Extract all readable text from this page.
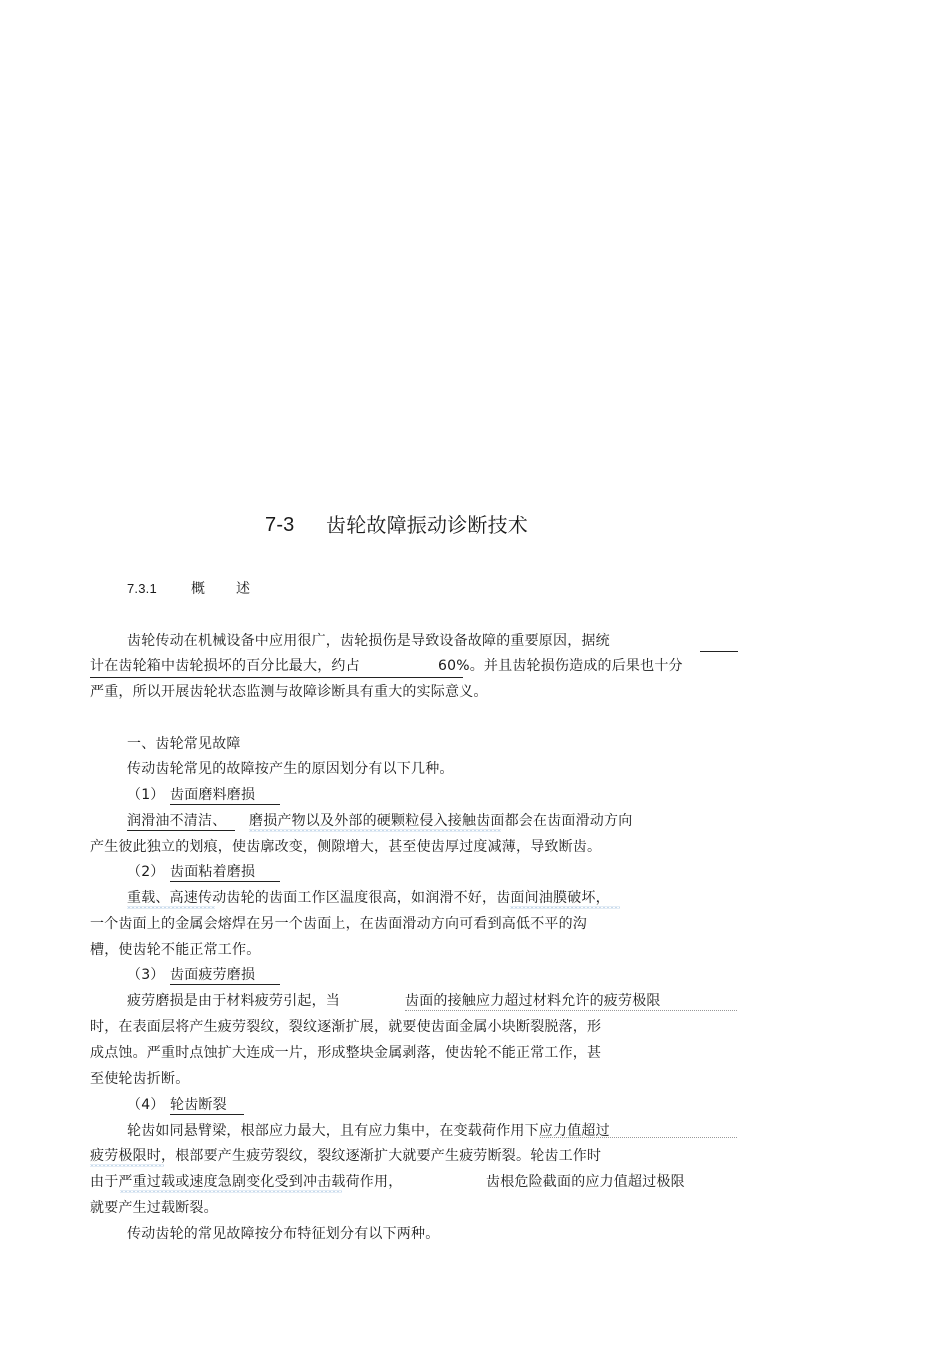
7-3 齿轮故障振动诊断技术
7.3.1 概 述
齿轮传动在机械设备中应用很广，齿轮损伤是导致设备故障的重要原因，据统
计在齿轮箱中齿轮损坏的百分比最大，约占	60%。并且齿轮损伤造成的后果也十分
严重，所以开展齿轮状态监测与故障诊断具有重大的实际意义。
一、齿轮常见故障
传动齿轮常见的故障按产生的原因划分有以下几种。
（1） 齿面磨料磨损
润滑油不清洁、 磨损产物以及外部的硬颗粒侵入接触齿面都会在齿面滑动方向
产生彼此独立的划痕，使齿廓改变，侧隙增大，甚至使齿厚过度减薄，导致断齿。
（2） 齿面粘着磨损
重载、高速传动齿轮的齿面工作区温度很高，如润滑不好，齿面间油膜破坏，
一个齿面上的金属会熔焊在另一个齿面上，在齿面滑动方向可看到高低不平的沟
槽，使齿轮不能正常工作。
（3） 齿面疲劳磨损
疲劳磨损是由于材料疲劳引起，当	齿面的接触应力超过材料允许的疲劳极限
时，在表面层将产生疲劳裂纹，裂纹逐渐扩展，就要使齿面金属小块断裂脱落，形
成点蚀。严重时点蚀扩大连成一片，形成整块金属剥落，使齿轮不能正常工作，甚
至使轮齿折断。
（4） 轮齿断裂
轮齿如同悬臂梁，根部应力最大，且有应力集中，在变载荷作用下应力值超过
疲劳极限时，根部要产生疲劳裂纹，裂纹逐渐扩大就要产生疲劳断裂。轮齿工作时
由于严重过载或速度急剧变化受到冲击载荷作用，	齿根危险截面的应力值超过极限
就要产生过载断裂。
传动齿轮的常见故障按分布特征划分有以下两种。
